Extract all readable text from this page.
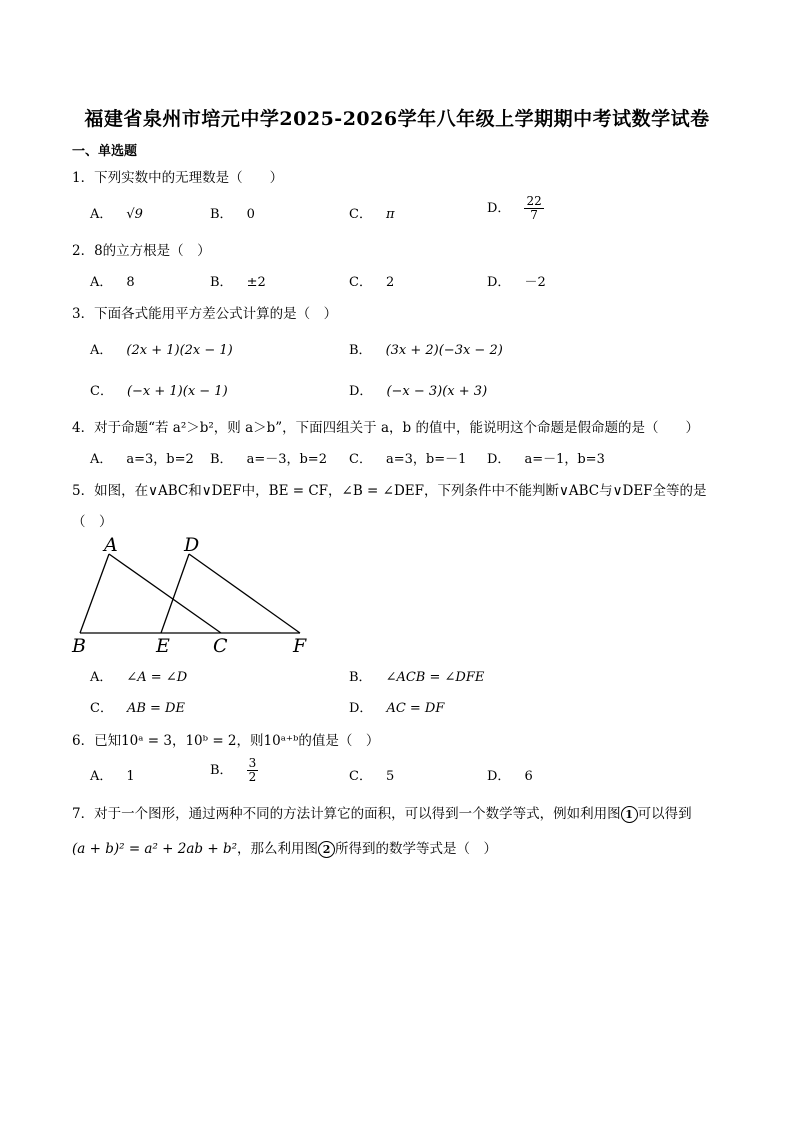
福建省泉州市培元中学2025-2026学年八年级上学期期中考试数学试卷
一、单选题
1．下列实数中的无理数是（　　）
A． √9	B． 0	C． π	D． $\frac{22}{7}$
2．8的立方根是（　）
A． 8	B． ±2	C． 2	D． －2
3．下面各式能用平方差公式计算的是（　）
A． (2x + 1)(2x − 1)	B． (3x + 2)(−3x − 2)
C． (−x + 1)(x − 1)	D． (−x − 3)(x + 3)
4．对于命题“若 a²＞b²，则 a＞b”，下面四组关于 a，b 的值中，能说明这个命题是假命题的是（　　）
A． a=3，b=2 B． a=－3，b=2 C． a=3，b=－1 D． a=－1，b=3
5．如图，在∨ABC和∨DEF中，BE = CF，∠B = ∠DEF，下列条件中不能判断∨ABC与∨DEF全等的是
（　）
A	D
B	E C	F
A． ∠A = ∠D	B． ∠ACB = ∠DFE
C． AB = DE	D． AC = DF
6．已知10ᵃ = 3，10ᵇ = 2，则10ᵃ⁺ᵇ的值是（　）
A． 1	B． $\frac{3}{2}$	C． 5	D． 6
7．对于一个图形，通过两种不同的方法计算它的面积，可以得到一个数学等式，例如利用图 1 可以得到
(a + b)² = a² + 2ab + b²，那么利用图 2 所得到的数学等式是（　）
